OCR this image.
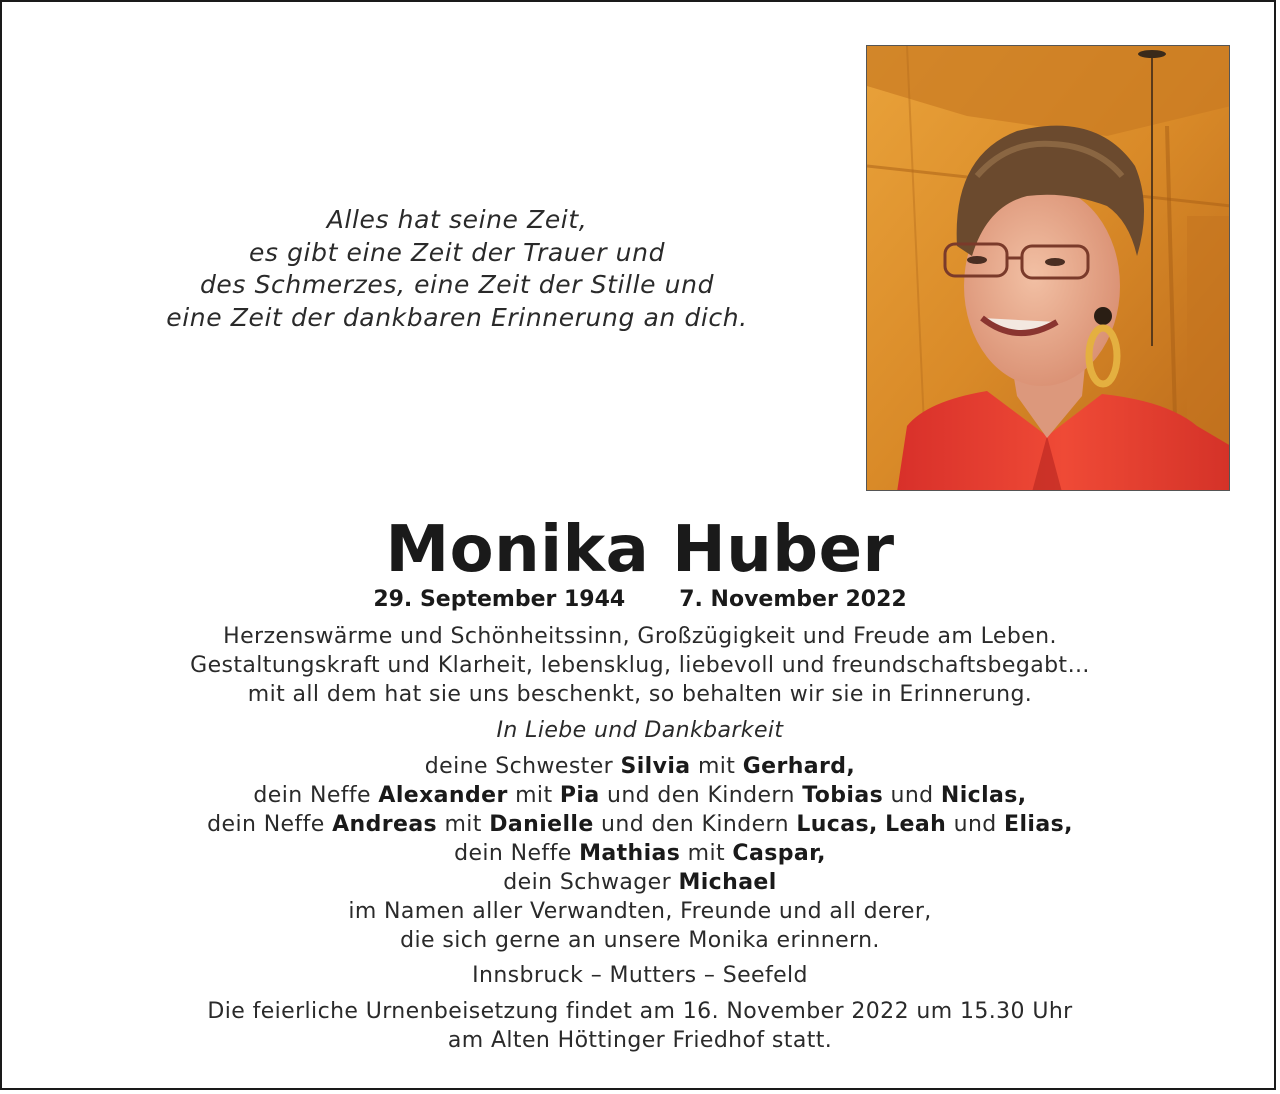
Alles hat seine Zeit,
es gibt eine Zeit der Trauer und
des Schmerzes, eine Zeit der Stille und
eine Zeit der dankbaren Erinnerung an dich.
Monika Huber
29. September 1944 7. November 2022
Herzenswärme und Schönheitssinn, Großzügigkeit und Freude am Leben.
Gestaltungskraft und Klarheit, lebensklug, liebevoll und freundschaftsbegabt…
mit all dem hat sie uns beschenkt, so behalten wir sie in Erinnerung.
In Liebe und Dankbarkeit
deine Schwester Silvia mit Gerhard,
dein Neffe Alexander mit Pia und den Kindern Tobias und Niclas,
dein Neffe Andreas mit Danielle und den Kindern Lucas, Leah und Elias,
dein Neffe Mathias mit Caspar,
dein Schwager Michael
im Namen aller Verwandten, Freunde und all derer,
die sich gerne an unsere Monika erinnern.
Innsbruck – Mutters – Seefeld
Die feierliche Urnenbeisetzung findet am 16. November 2022 um 15.30 Uhr
am Alten Höttinger Friedhof statt.
